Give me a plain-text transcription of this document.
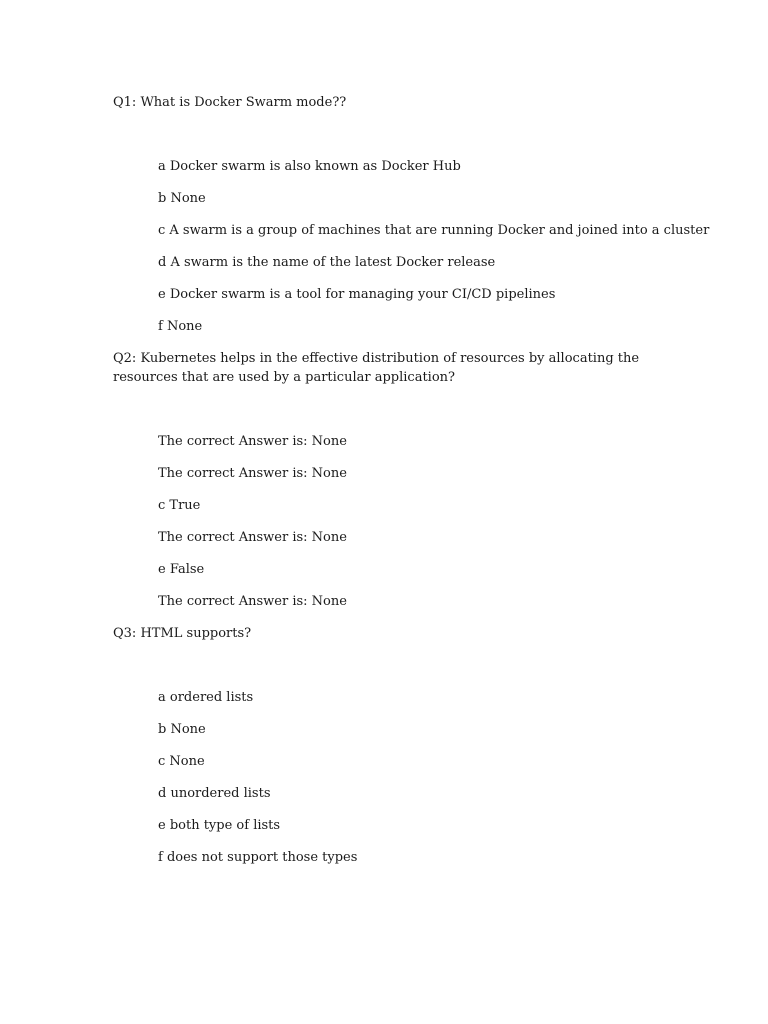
Q1: What is Docker Swarm mode??

a Docker swarm is also known as Docker Hub

b None

c A swarm is a group of machines that are running Docker and joined into a cluster

d A swarm is the name of the latest Docker release

e Docker swarm is a tool for managing your CI/CD pipelines

f None

Q2: Kubernetes helps in the effective distribution of resources by allocating the resources that are used by a particular application?

The correct Answer is: None

The correct Answer is: None

c True

The correct Answer is: None

e False

The correct Answer is: None

Q3: HTML supports?

a ordered lists

b None

c None

d unordered lists

e both type of lists

f does not support those types
